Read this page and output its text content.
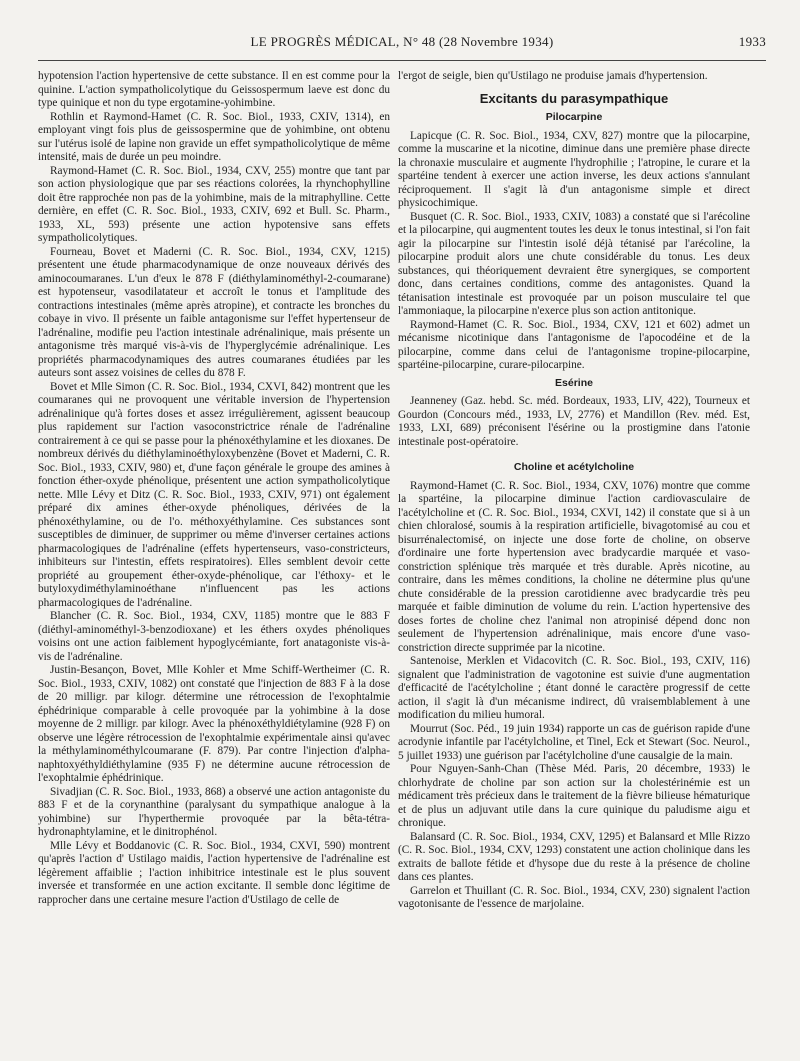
LE PROGRÈS MÉDICAL, N° 48 (28 Novembre 1934)	1933

hypotension l'action hypertensive de cette substance. Il en est comme pour la quinine. L'action sympatholicolytique du Geissospermum laeve est donc du type quinique et non du type ergotamine-yohimbine.

Rothlin et Raymond-Hamet (C. R. Soc. Biol., 1933, CXIV, 1314), en employant vingt fois plus de geissospermine que de yohimbine, ont obtenu sur l'utérus isolé de lapine non gravide un effet sympatholicolytique de même intensité, mais de durée un peu moindre.

Raymond-Hamet (C. R. Soc. Biol., 1934, CXV, 255) montre que tant par son action physiologique que par ses réactions colorées, la rhynchophylline doit être rapprochée non pas de la yohimbine, mais de la mitraphylline. Cette dernière, en effet (C. R. Soc. Biol., 1933, CXIV, 692 et Bull. Sc. Pharm., 1933, XL, 593) présente une action hypotensive sans effets sympatholicolytiques.

Fourneau, Bovet et Maderni (C. R. Soc. Biol., 1934, CXV, 1215) présentent une étude pharmacodynamique de onze nouveaux dérivés des aminocoumaranes. L'un d'eux le 878 F (diéthylaminométhyl-2-coumarane) est hypotenseur, vasodilatateur et accroît le tonus et l'amplitude des contractions intestinales (même après atropine), et contracte les bronches du cobaye in vivo. Il présente un faible antagonisme sur l'effet hypertenseur de l'adrénaline, modifie peu l'action intestinale adrénalinique, mais présente un antagonisme très marqué vis-à-vis de l'hyperglycémie adrénalinique. Les propriétés pharmacodynamiques des autres coumaranes étudiées par les auteurs sont assez voisines de celles du 878 F.

Bovet et Mlle Simon (C. R. Soc. Biol., 1934, CXVI, 842) montrent que les coumaranes qui ne provoquent une véritable inversion de l'hypertension adrénalinique qu'à fortes doses et assez irrégulièrement, agissent beaucoup plus rapidement sur l'action vasoconstrictrice rénale de l'adrénaline contrairement à ce qui se passe pour la phénoxéthylamine et les dioxanes. De nombreux dérivés du diéthylaminoéthyloxybenzène (Bovet et Maderni, C. R. Soc. Biol., 1933, CXIV, 980) et, d'une façon générale le groupe des amines à fonction éther-oxyde phénolique, présentent une action sympatholicolytique nette. Mlle Lévy et Ditz (C. R. Soc. Biol., 1933, CXIV, 971) ont également préparé dix amines éther-oxyde phénoliques, dérivées de la phénoxéthylamine, ou de l'o. méthoxyéthylamine. Ces substances sont susceptibles de diminuer, de supprimer ou même d'inverser certaines actions pharmacologiques de l'adrénaline (effets hypertenseurs, vaso-constricteurs, inhibiteurs sur l'intestin, effets respiratoires). Elles semblent devoir cette propriété au groupement éther-oxyde-phénolique, car l'éthoxy- et le butyloxydiméthylaminoéthane n'influencent pas les actions pharmacologiques de l'adrénaline.

Blancher (C. R. Soc. Biol., 1934, CXV, 1185) montre que le 883 F (diéthyl-aminométhyl-3-benzodioxane) et les éthers oxydes phénoliques voisins ont une action faiblement hypoglycémiante, fort anatagoniste vis-à-vis de l'adrénaline.

Justin-Besançon, Bovet, Mlle Kohler et Mme Schiff-Wertheimer (C. R. Soc. Biol., 1933, CXIV, 1082) ont constaté que l'injection de 883 F à la dose de 20 milligr. par kilogr. détermine une rétrocession de l'exophtalmie éphédrinique comparable à celle provoquée par la yohimbine à la dose moyenne de 2 milligr. par kilogr. Avec la phénoxéthyldiétylamine (928 F) on observe une légère rétrocession de l'exophtalmie expérimentale ainsi qu'avec la méthylaminométhylcoumarane (F. 879). Par contre l'injection d'alpha-naphtoxyéthyldiéthylamine (935 F) ne détermine aucune rétrocession de l'exophtalmie éphédrinique.

Sivadjian (C. R. Soc. Biol., 1933, 868) a observé une action antagoniste du 883 F et de la corynanthine (paralysant du sympathique analogue à la yohimbine) sur l'hyperthermie provoquée par la bêta-tétra-hydronaphtylamine, et le dinitrophénol.

Mlle Lévy et Boddanovic (C. R. Soc. Biol., 1934, CXVI, 590) montrent qu'après l'action d' Ustilago maidis, l'action hypertensive de l'adrénaline est légèrement affaiblie ; l'action inhibitrice intestinale est le plus souvent inversée et transformée en une action excitante. Il semble donc légitime de rapprocher dans une certaine mesure l'action d'Ustilago de celle de

l'ergot de seigle, bien qu'Ustilago ne produise jamais d'hypertension.

Excitants du parasympathique
Pilocarpine

Lapicque (C. R. Soc. Biol., 1934, CXV, 827) montre que la pilocarpine, comme la muscarine et la nicotine, diminue dans une première phase directe la chronaxie musculaire et augmente l'hydrophilie ; l'atropine, le curare et la spartéine tendent à exercer une action inverse, les deux actions s'annulant réciproquement. Il s'agit là d'un antagonisme simple et direct physicochimique.

Busquet (C. R. Soc. Biol., 1933, CXIV, 1083) a constaté que si l'arécoline et la pilocarpine, qui augmentent toutes les deux le tonus intestinal, si l'on fait agir la pilocarpine sur l'intestin isolé déjà tétanisé par l'arécoline, la pilocarpine produit alors une chute considérable du tonus. Les deux substances, qui théoriquement devraient être synergiques, se comportent donc, dans certaines conditions, comme des antagonistes. Quand la tétanisation intestinale est provoquée par un poison musculaire tel que l'ammoniaque, la pilocarpine n'exerce plus son action antitonique.

Raymond-Hamet (C. R. Soc. Biol., 1934, CXV, 121 et 602) admet un mécanisme nicotinique dans l'antagonisme de l'apocodéine et de la pilocarpine, comme dans celui de l'antagonisme tropine-pilocarpine, spartéine-pilocarpine, curare-pilocarpine.

Esérine

Jeanneney (Gaz. hebd. Sc. méd. Bordeaux, 1933, LIV, 422), Tourneux et Gourdon (Concours méd., 1933, LV, 2776) et Mandillon (Rev. méd. Est, 1933, LXI, 689) préconisent l'ésérine ou la prostigmine dans l'atonie intestinale post-opératoire.

Choline et acétylcholine

Raymond-Hamet (C. R. Soc. Biol., 1934, CXV, 1076) montre que comme la spartéine, la pilocarpine diminue l'action cardiovasculaire de l'acétylcholine et (C. R. Soc. Biol., 1934, CXVI, 142) il constate que si à un chien chloralosé, soumis à la respiration artificielle, bivagotomisé au cou et bisurrénalectomisé, on injecte une dose forte de choline, on observe d'ordinaire une forte hypertension avec bradycardie marquée et vaso-constriction splénique très marquée et très durable. Après nicotine, au contraire, dans les mêmes conditions, la choline ne détermine plus qu'une chute considérable de la pression carotidienne avec bradycardie très peu marquée et faible diminution de volume du rein. L'action hypertensive des doses fortes de choline chez l'animal non atropinisé dépend donc non seulement de l'hypertension adrénalinique, mais encore d'une vaso-constriction directe supprimée par la nicotine.

Santenoise, Merklen et Vidacovitch (C. R. Soc. Biol., 193, CXIV, 116) signalent que l'administration de vagotonine est suivie d'une augmentation d'efficacité de l'acétylcholine ; étant donné le caractère progressif de cette action, il s'agit là d'un mécanisme indirect, dû vraisemblablement à une modification du milieu humoral.

Mourrut (Soc. Péd., 19 juin 1934) rapporte un cas de guérison rapide d'une acrodynie infantile par l'acétylcholine, et Tinel, Eck et Stewart (Soc. Neurol., 5 juillet 1933) une guérison par l'acétylcholine d'une causalgie de la main.

Pour Nguyen-Sanh-Chan (Thèse Méd. Paris, 20 décembre, 1933) le chlorhydrate de choline par son action sur la cholestérinémie est un médicament très précieux dans le traitement de la fièvre bilieuse hématurique et de plus un adjuvant utile dans la cure quinique du paludisme aigu et chronique.

Balansard (C. R. Soc. Biol., 1934, CXV, 1295) et Balansard et Mlle Rizzo (C. R. Soc. Biol., 1934, CXV, 1293) constatent une action cholinique dans les extraits de ballote fétide et d'hysope due du reste à la présence de choline dans ces plantes.

Garrelon et Thuillant (C. R. Soc. Biol., 1934, CXV, 230) signalent l'action vagotonisante de l'essence de marjolaine.
